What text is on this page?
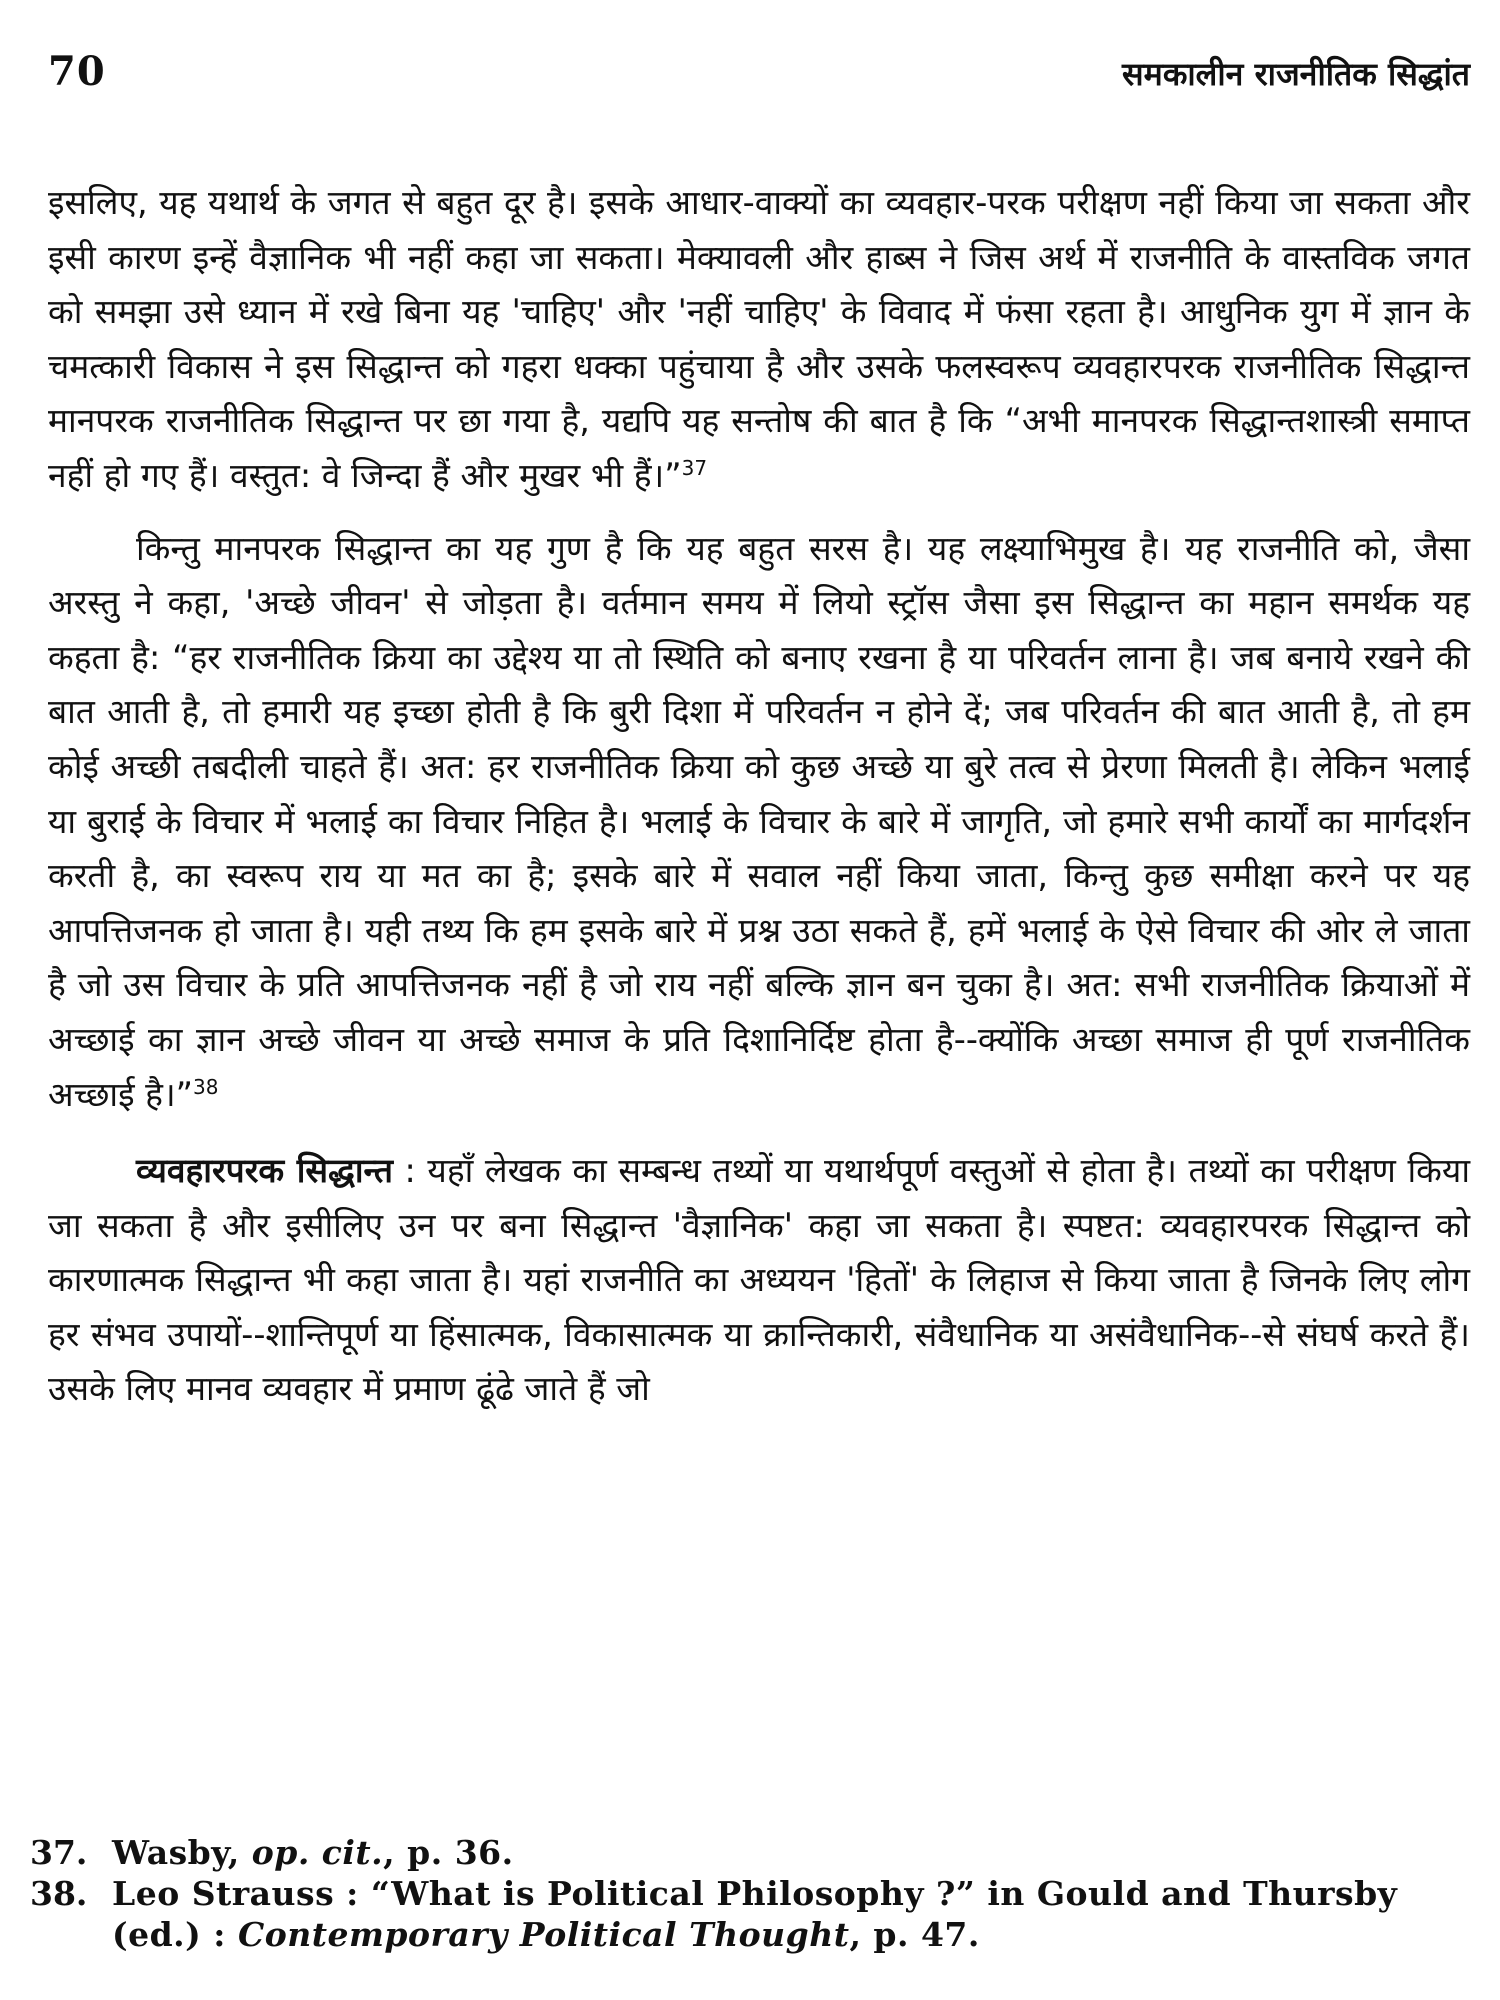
70	समकालीन राजनीतिक सिद्धांत

इसलिए, यह यथार्थ के जगत से बहुत दूर है। इसके आधार-वाक्यों का व्यवहार-परक परीक्षण नहीं किया जा सकता और इसी कारण इन्हें वैज्ञानिक भी नहीं कहा जा सकता। मेक्यावली और हाब्स ने जिस अर्थ में राजनीति के वास्तविक जगत को समझा उसे ध्यान में रखे बिना यह 'चाहिए' और 'नहीं चाहिए' के विवाद में फंसा रहता है। आधुनिक युग में ज्ञान के चमत्कारी विकास ने इस सिद्धान्त को गहरा धक्का पहुंचाया है और उसके फलस्वरूप व्यवहारपरक राजनीतिक सिद्धान्त मानपरक राजनीतिक सिद्धान्त पर छा गया है, यद्यपि यह सन्तोष की बात है कि “अभी मानपरक सिद्धान्तशास्त्री समाप्त नहीं हो गए हैं। वस्तुत: वे जिन्दा हैं और मुखर भी हैं।”$^{37}$

किन्तु मानपरक सिद्धान्त का यह गुण है कि यह बहुत सरस है। यह लक्ष्याभिमुख है। यह राजनीति को, जैसा अरस्तु ने कहा, 'अच्छे जीवन' से जोड़ता है। वर्तमान समय में लियो स्ट्रॉस जैसा इस सिद्धान्त का महान समर्थक यह कहता है: “हर राजनीतिक क्रिया का उद्देश्य या तो स्थिति को बनाए रखना है या परिवर्तन लाना है। जब बनाये रखने की बात आती है, तो हमारी यह इच्छा होती है कि बुरी दिशा में परिवर्तन न होने दें; जब परिवर्तन की बात आती है, तो हम कोई अच्छी तबदीली चाहते हैं। अत: हर राजनीतिक क्रिया को कुछ अच्छे या बुरे तत्व से प्रेरणा मिलती है। लेकिन भलाई या बुराई के विचार में भलाई का विचार निहित है। भलाई के विचार के बारे में जागृति, जो हमारे सभी कार्यों का मार्गदर्शन करती है, का स्वरूप राय या मत का है; इसके बारे में सवाल नहीं किया जाता, किन्तु कुछ समीक्षा करने पर यह आपत्तिजनक हो जाता है। यही तथ्य कि हम इसके बारे में प्रश्न उठा सकते हैं, हमें भलाई के ऐसे विचार की ओर ले जाता है जो उस विचार के प्रति आपत्तिजनक नहीं है जो राय नहीं बल्कि ज्ञान बन चुका है। अत: सभी राजनीतिक क्रियाओं में अच्छाई का ज्ञान अच्छे जीवन या अच्छे समाज के प्रति दिशानिर्दिष्ट होता है--क्योंकि अच्छा समाज ही पूर्ण राजनीतिक अच्छाई है।”$^{38}$

व्यवहारपरक सिद्धान्त : यहाँ लेखक का सम्बन्ध तथ्यों या यथार्थपूर्ण वस्तुओं से होता है। तथ्यों का परीक्षण किया जा सकता है और इसीलिए उन पर बना सिद्धान्त 'वैज्ञानिक' कहा जा सकता है। स्पष्टत: व्यवहारपरक सिद्धान्त को कारणात्मक सिद्धान्त भी कहा जाता है। यहां राजनीति का अध्ययन 'हितों' के लिहाज से किया जाता है जिनके लिए लोग हर संभव उपायों--शान्तिपूर्ण या हिंसात्मक, विकासात्मक या क्रान्तिकारी, संवैधानिक या असंवैधानिक--से संघर्ष करते हैं। उसके लिए मानव व्यवहार में प्रमाण ढूंढे जाते हैं जो

37. Wasby, op. cit., p. 36.
38. Leo Strauss : “What is Political Philosophy ?” in Gould and Thursby (ed.) : Contemporary Political Thought, p. 47.
